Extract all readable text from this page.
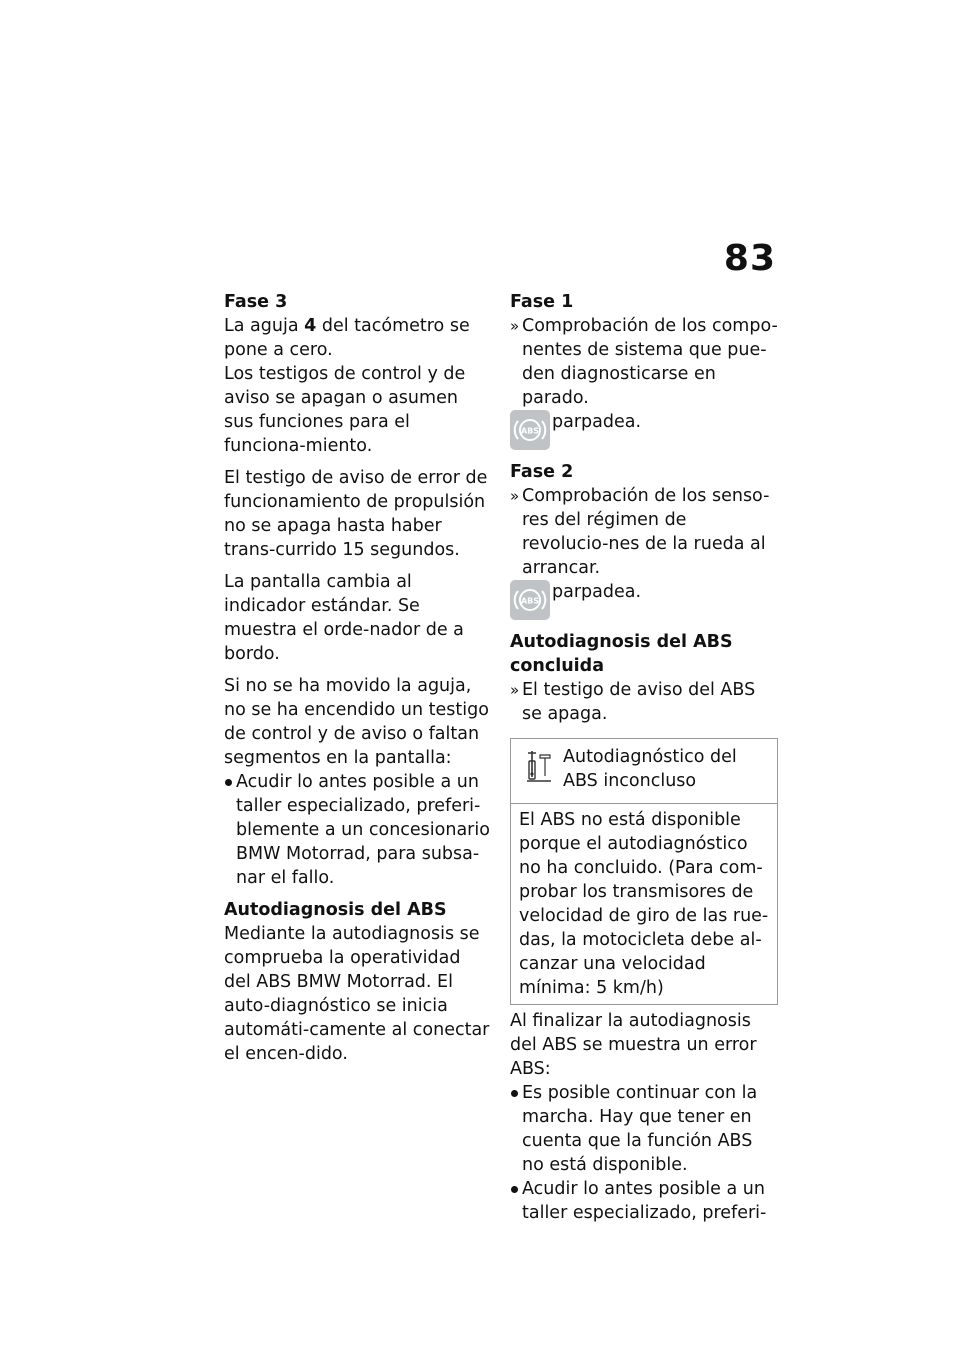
83
Fase 3
La aguja 4 del tacómetro se pone a cero.
Los testigos de control y de aviso se apagan o asumen sus funciones para el funciona-miento.
El testigo de aviso de error de funcionamiento de propulsión no se apaga hasta haber trans-currido 15 segundos.
La pantalla cambia al indicador estándar. Se muestra el orde-nador de a bordo.
Si no se ha movido la aguja, no se ha encendido un testigo de control y de aviso o faltan segmentos en la pantalla:
Acudir lo antes posible a un taller especializado, preferi-blemente a un concesionario BMW Motorrad, para subsa-nar el fallo.
Autodiagnosis del ABS
Mediante la autodiagnosis se comprueba la operatividad del ABS BMW Motorrad. El auto-diagnóstico se inicia automáti-camente al conectar el encen-dido.
Fase 1
» Comprobación de los compo-nentes de sistema que pue-den diagnosticarse en parado.
ABS parpadea.
Fase 2
» Comprobación de los senso-res del régimen de revolucio-nes de la rueda al arrancar.
ABS parpadea.
Autodiagnosis del ABS concluida
» El testigo de aviso del ABS se apaga.
Autodiagnóstico del ABS inconcluso
El ABS no está disponible porque el autodiagnóstico no ha concluido. (Para com-probar los transmisores de velocidad de giro de las rue-das, la motocicleta debe al-canzar una velocidad mínima: 5 km/h)
Al finalizar la autodiagnosis del ABS se muestra un error ABS:
Es posible continuar con la marcha. Hay que tener en cuenta que la función ABS no está disponible.
Acudir lo antes posible a un taller especializado, preferi-
